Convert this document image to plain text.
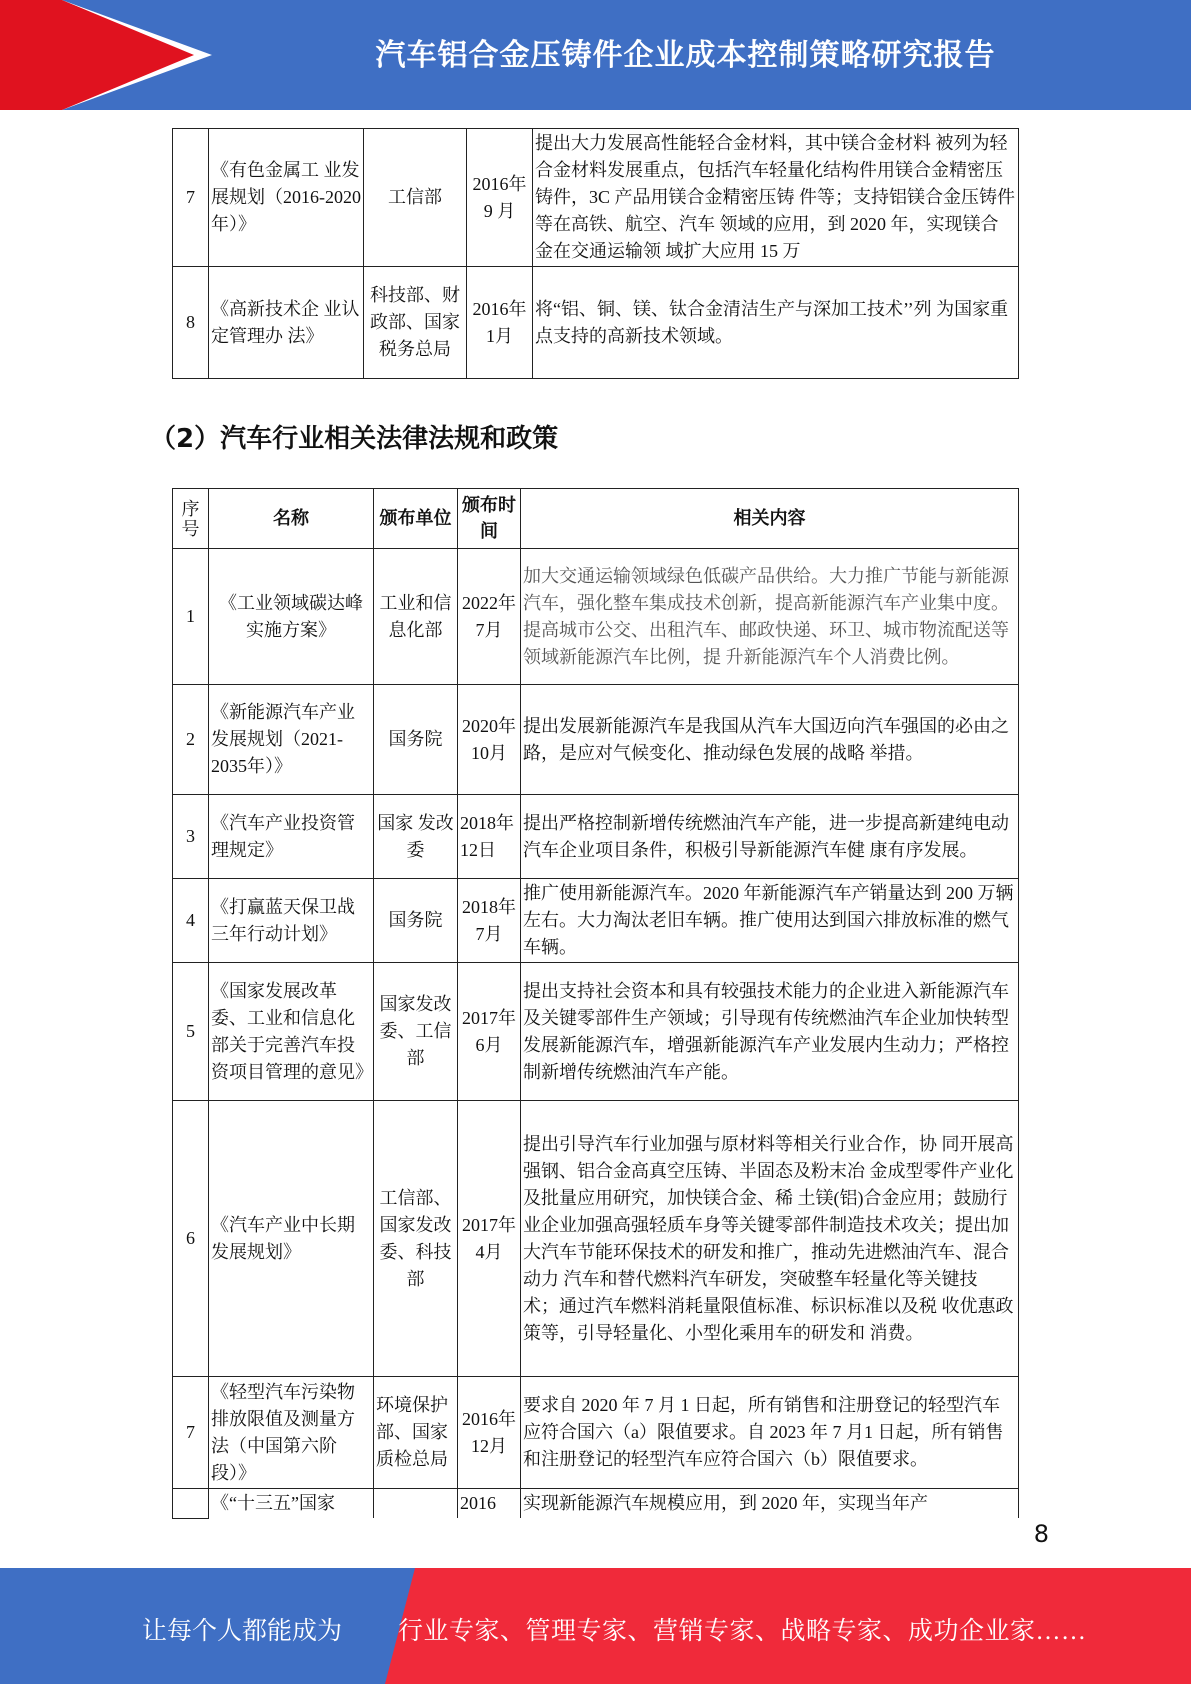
汽车铝合金压铸件企业成本控制策略研究报告
7	《有色金属工 业发展规划（2016-2020年）》	工信部	2016年 9 月	提出大力发展高性能轻合金材料，其中镁合金材料 被列为轻合金材料发展重点，包括汽车轻量化结构件用镁合金精密压铸件，3C 产品用镁合金精密压铸 件等；支持铝镁合金压铸件等在高铁、航空、汽车 领域的应用，到 2020 年，实现镁合金在交通运输领 域扩大应用 15 万
8	《高新技术企 业认定管理办 法》	科技部、财政部、国家税务总局	2016年 1月	将“铝、铜、镁、钛合金清洁生产与深加工技术’’列 为国家重点支持的高新技术领域。
（2）汽车行业相关法律法规和政策
序号	名称	颁布单位	颁布时间	相关内容
1	《工业领域碳达峰实施方案》	工业和信息化部	2022年 7月	加大交通运输领域绿色低碳产品供给。大力推广节能与新能源汽车，强化整车集成技术创新，提高新能源汽车产业集中度。提高城市公交、出租汽车、邮政快递、环卫、城市物流配送等领域新能源汽车比例，提 升新能源汽车个人消费比例。
2	《新能源汽车产业发展规划（2021-2035年）》	国务院	2020年 10月	提出发展新能源汽车是我国从汽车大国迈向汽车强国的必由之路，是应对气候变化、推动绿色发展的战略 举措。
3	《汽车产业投资管理规定》	国家 发改委	2018年 12日	提出严格控制新增传统燃油汽车产能，进一步提高新建纯电动汽车企业项目条件，积极引导新能源汽车健 康有序发展。
4	《打赢蓝天保卫战三年行动计划》	国务院	2018年 7月	推广使用新能源汽车。2020 年新能源汽车产销量达到 200 万辆左右。大力淘汰老旧车辆。推广使用达到国六排放标准的燃气车辆。
5	《国家发展改革委、工业和信息化部关于完善汽车投资项目管理的意见》	国家发改委、工信部	2017年 6月	提出支持社会资本和具有较强技术能力的企业进入新能源汽车及关键零部件生产领域；引导现有传统燃油汽车企业加快转型发展新能源汽车，增强新能源汽车产业发展内生动力；严格控制新增传统燃油汽车产能。
6	《汽车产业中长期发展规划》	工信部、国家发改委、科技部	2017年 4月	提出引导汽车行业加强与原材料等相关行业合作，协 同开展高强钢、铝合金高真空压铸、半固态及粉末冶 金成型零件产业化及批量应用研究，加快镁合金、稀 土镁(铝)合金应用；鼓励行业企业加强高强轻质车身等关键零部件制造技术攻关；提出加大汽车节能环保技术的研发和推广，推动先进燃油汽车、混合动力 汽车和替代燃料汽车研发，突破整车轻量化等关键技 术；通过汽车燃料消耗量限值标准、标识标准以及税 收优惠政策等，引导轻量化、小型化乘用车的研发和 消费。
7	《轻型汽车污染物排放限值及测量方法（中国第六阶段）》	环境保护部、国家质检总局	2016年 12月	要求自 2020 年 7 月 1 日起，所有销售和注册登记的轻型汽车应符合国六（a）限值要求。自 2023 年 7 月1 日起，所有销售和注册登记的轻型汽车应符合国六（b）限值要求。
	《“十三五”国家		2016	实现新能源汽车规模应用，到 2020 年，实现当年产
8
让每个人都能成为 行业专家、管理专家、营销专家、战略专家、成功企业家……
